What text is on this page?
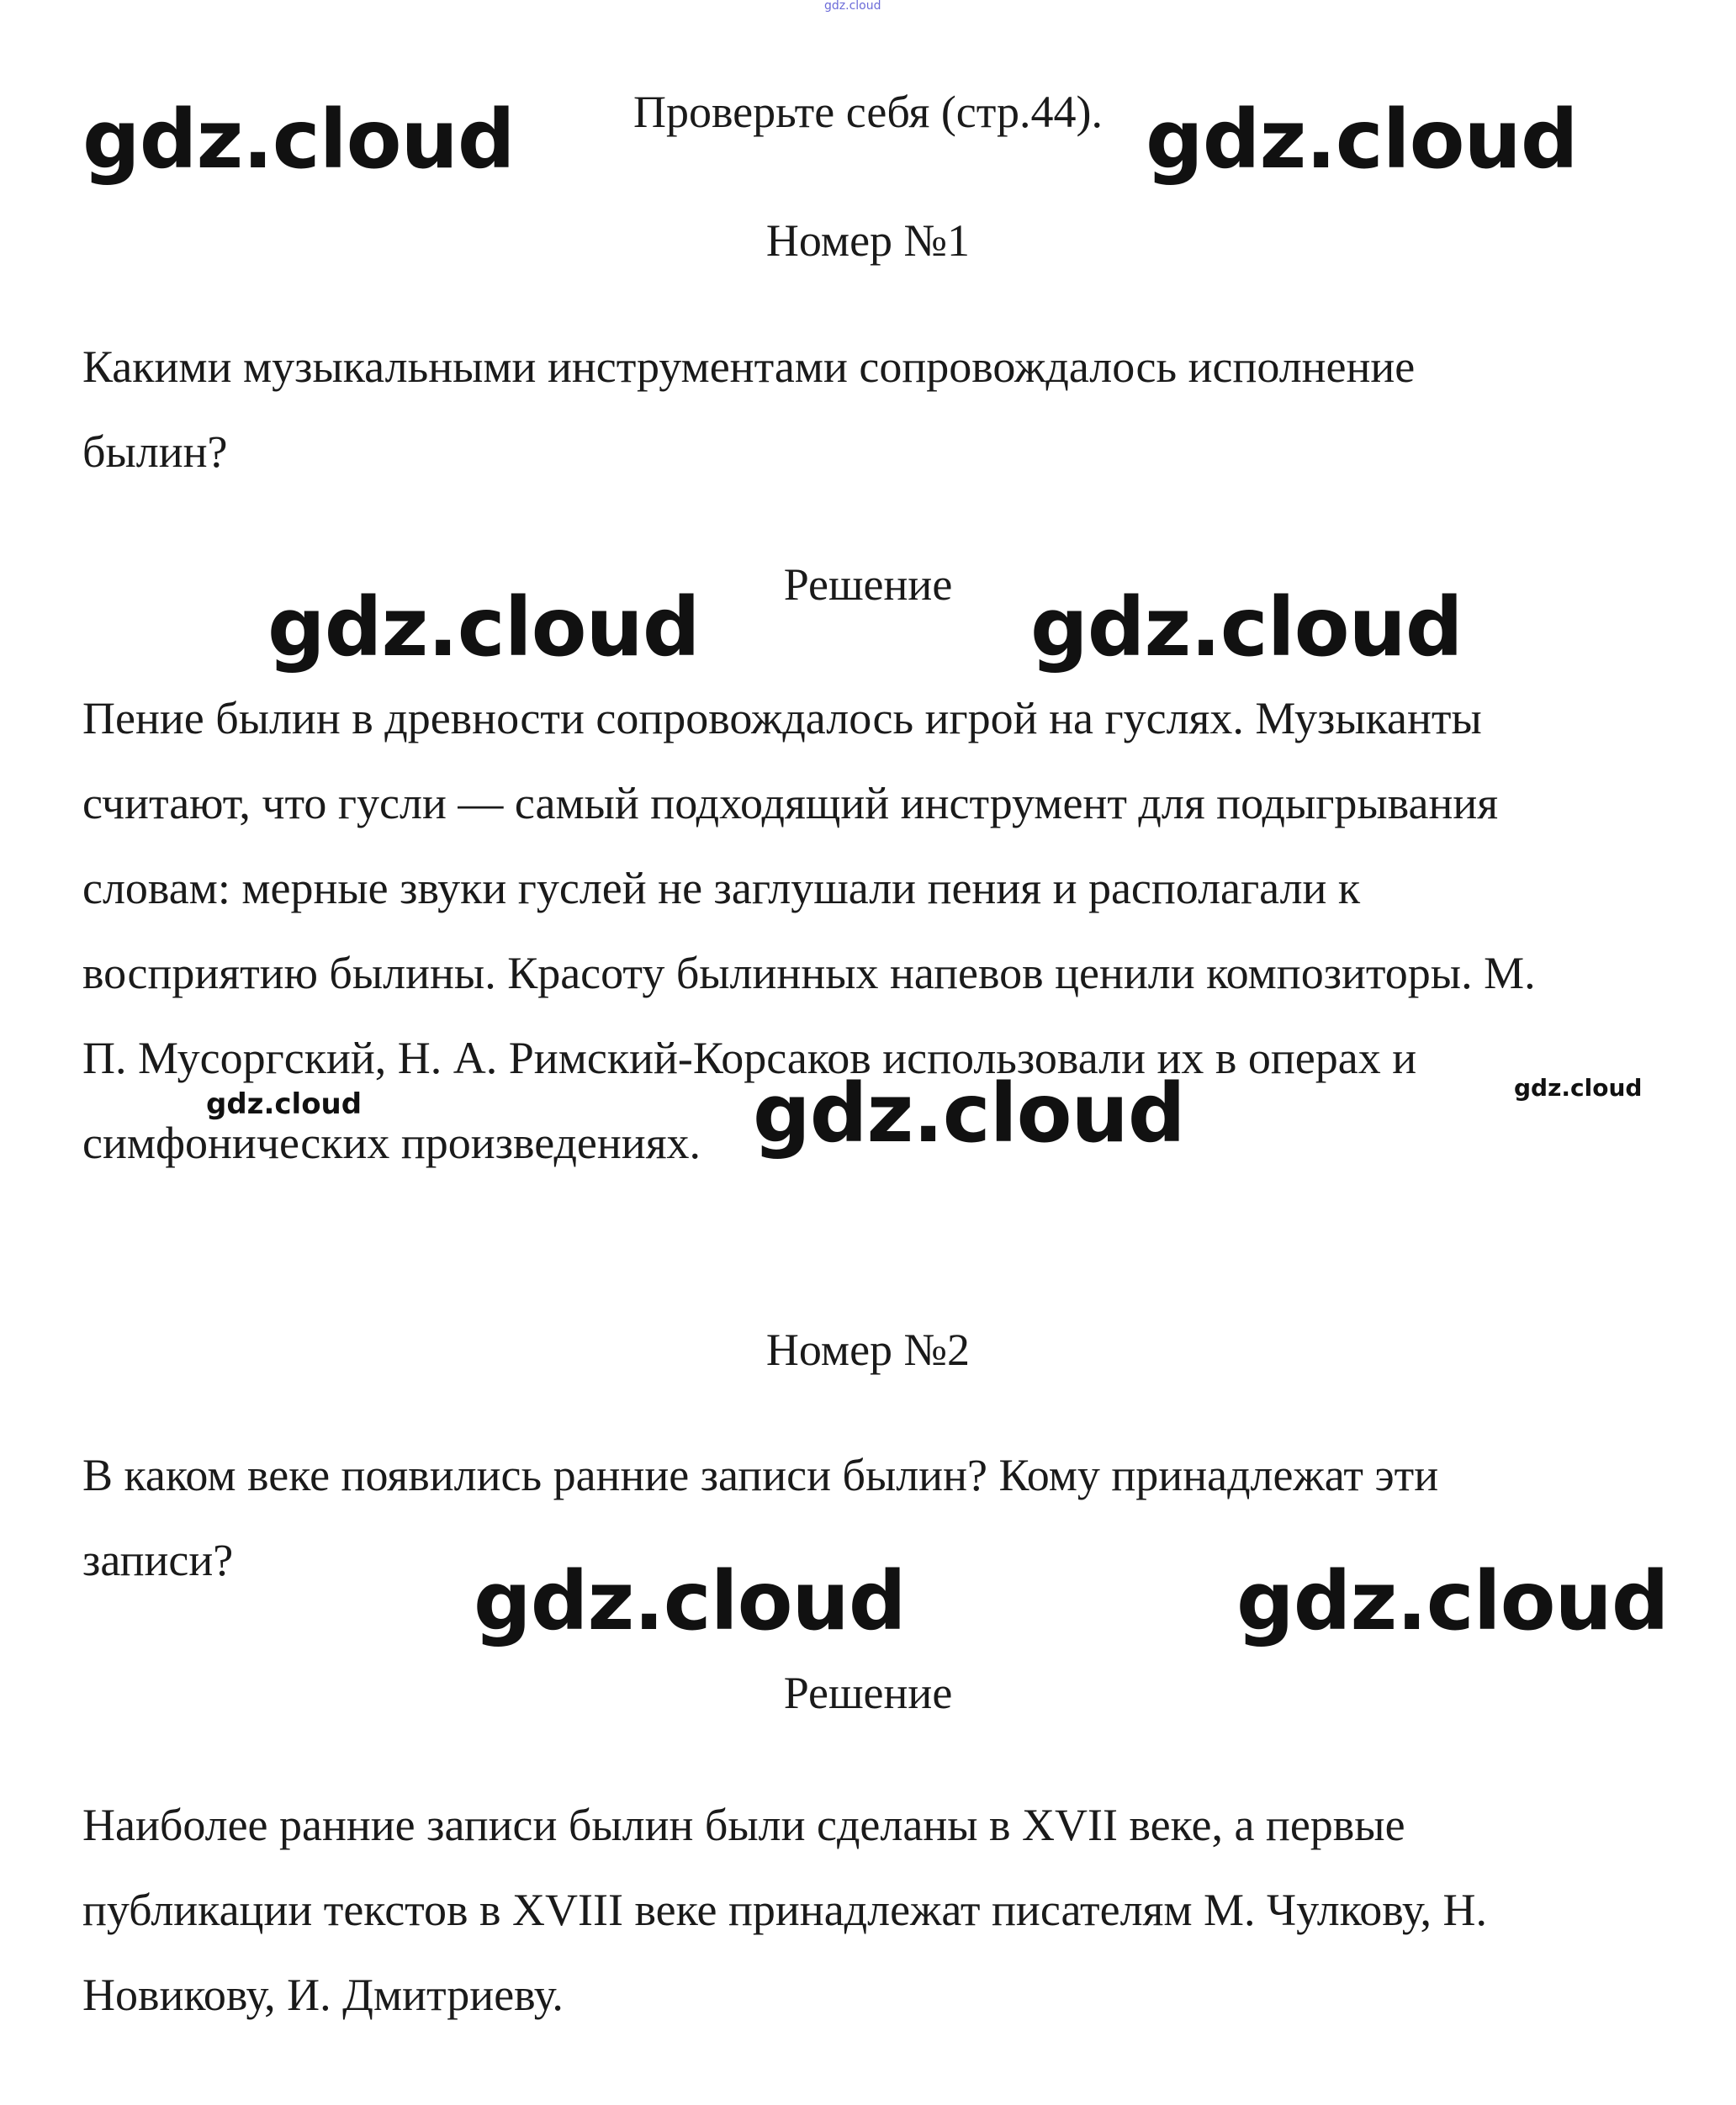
gdz.cloud
Проверьте себя (стр.44).
Номер №1
Какими музыкальными инструментами сопровождалось исполнение
былин?
Решение
Пение былин в древности сопровождалось игрой на гуслях. Музыканты
считают, что гусли — самый подходящий инструмент для подыгрывания
словам: мерные звуки гуслей не заглушали пения и располагали к
восприятию былины. Красоту былинных напевов ценили композиторы. М.
П. Мусоргский, Н. А. Римский-Корсаков использовали их в операх и
симфонических произведениях.
Номер №2
В каком веке появились ранние записи былин? Кому принадлежат эти
записи?
Решение
Наиболее ранние записи былин были сделаны в XVII веке, а первые
публикации текстов в XVIII веке принадлежат писателям М. Чулкову, Н.
Новикову, И. Дмитриеву.
gdz.cloud	gdz.cloud
gdz.cloud	gdz.cloud
gdz.cloud	gdz.cloud
gdz.cloud
gdz.cloud	gdz.cloud
